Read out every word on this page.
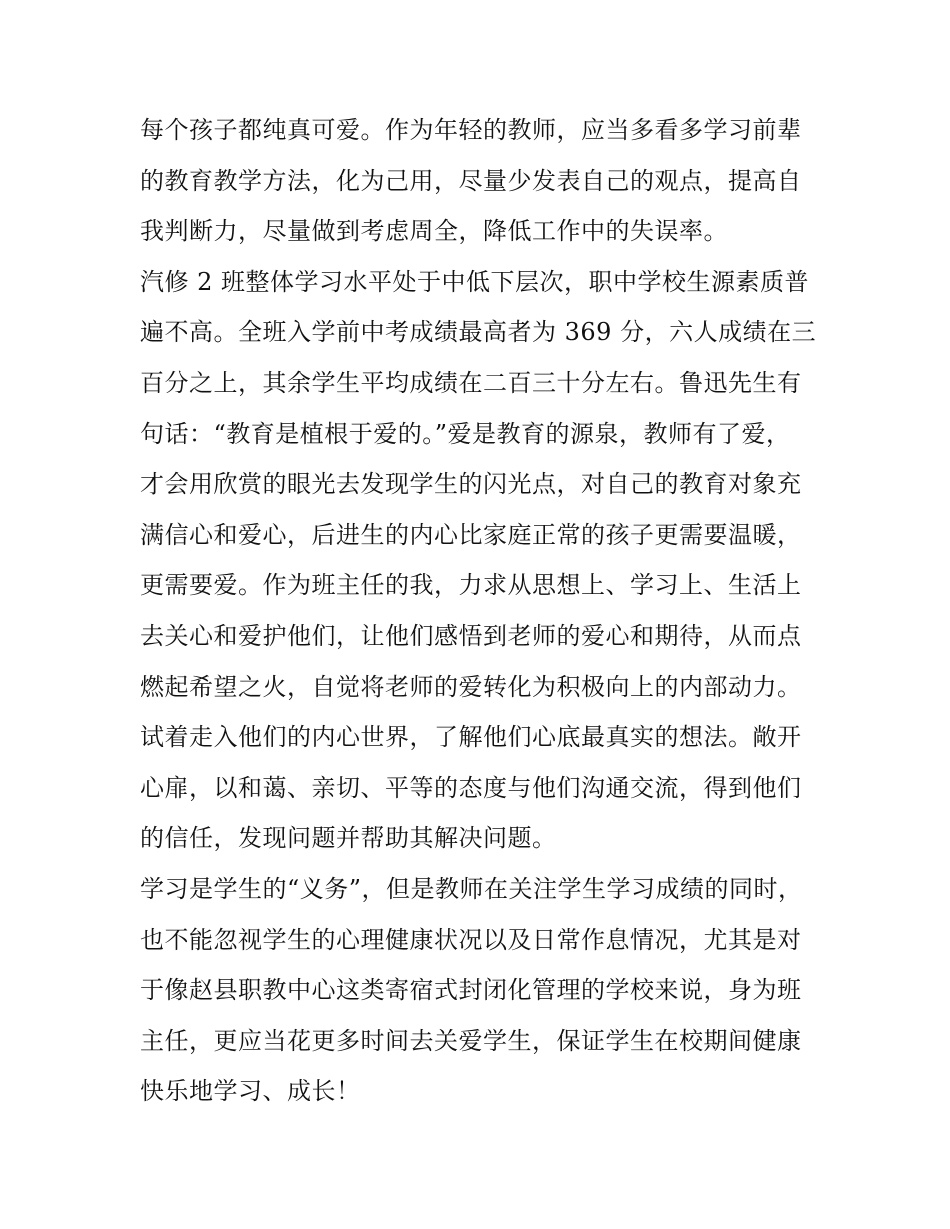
每个孩子都纯真可爱。作为年轻的教师，应当多看多学习前辈
的教育教学方法，化为己用，尽量少发表自己的观点，提高自
我判断力，尽量做到考虑周全，降低工作中的失误率。
汽修 2 班整体学习水平处于中低下层次，职中学校生源素质普
遍不高。全班入学前中考成绩最高者为 369 分，六人成绩在三
百分之上，其余学生平均成绩在二百三十分左右。鲁迅先生有
句话：“教育是植根于爱的。”爱是教育的源泉，教师有了爱，
才会用欣赏的眼光去发现学生的闪光点，对自己的教育对象充
满信心和爱心，后进生的内心比家庭正常的孩子更需要温暖，
更需要爱。作为班主任的我，力求从思想上、学习上、生活上
去关心和爱护他们，让他们感悟到老师的爱心和期待，从而点
燃起希望之火，自觉将老师的爱转化为积极向上的内部动力。
试着走入他们的内心世界，了解他们心底最真实的想法。敞开
心扉，以和蔼、亲切、平等的态度与他们沟通交流，得到他们
的信任，发现问题并帮助其解决问题。
学习是学生的“义务”，但是教师在关注学生学习成绩的同时，
也不能忽视学生的心理健康状况以及日常作息情况，尤其是对
于像赵县职教中心这类寄宿式封闭化管理的学校来说，身为班
主任，更应当花更多时间去关爱学生，保证学生在校期间健康
快乐地学习、成长！
